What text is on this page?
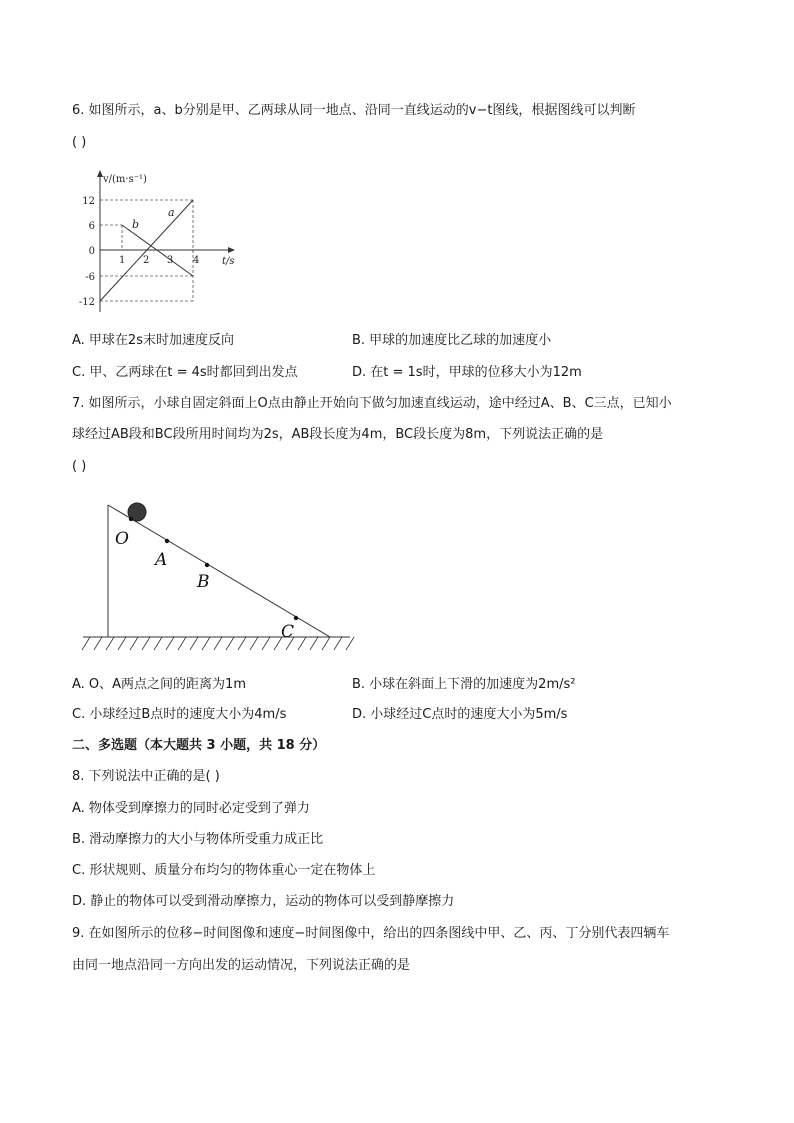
6. 如图所示，a、b分别是甲、乙两球从同一地点、沿同一直线运动的v−t图线，根据图线可以判断
( )
v/(m·s⁻¹)
t/s
12
6
0
-6
-12
1 2 3 4
a
b
A. 甲球在2s末时加速度反向	B. 甲球的加速度比乙球的加速度小
C. 甲、乙两球在t = 4s时都回到出发点	D. 在t = 1s时，甲球的位移大小为12m
7. 如图所示，小球自固定斜面上O点由静止开始向下做匀加速直线运动，途中经过A、B、C三点，已知小
球经过AB段和BC段所用时间均为2s，AB段长度为4m，BC段长度为8m，下列说法正确的是
( )
O
A
B
C
A. O、A两点之间的距离为1m	B. 小球在斜面上下滑的加速度为2m/s²
C. 小球经过B点时的速度大小为4m/s	D. 小球经过C点时的速度大小为5m/s
二、多选题（本大题共 3 小题，共 18 分）
8. 下列说法中正确的是( )
A. 物体受到摩擦力的同时必定受到了弹力
B. 滑动摩擦力的大小与物体所受重力成正比
C. 形状规则、质量分布均匀的物体重心一定在物体上
D. 静止的物体可以受到滑动摩擦力，运动的物体可以受到静摩擦力
9. 在如图所示的位移−时间图像和速度−时间图像中，给出的四条图线中甲、乙、丙、丁分别代表四辆车
由同一地点沿同一方向出发的运动情况，下列说法正确的是
